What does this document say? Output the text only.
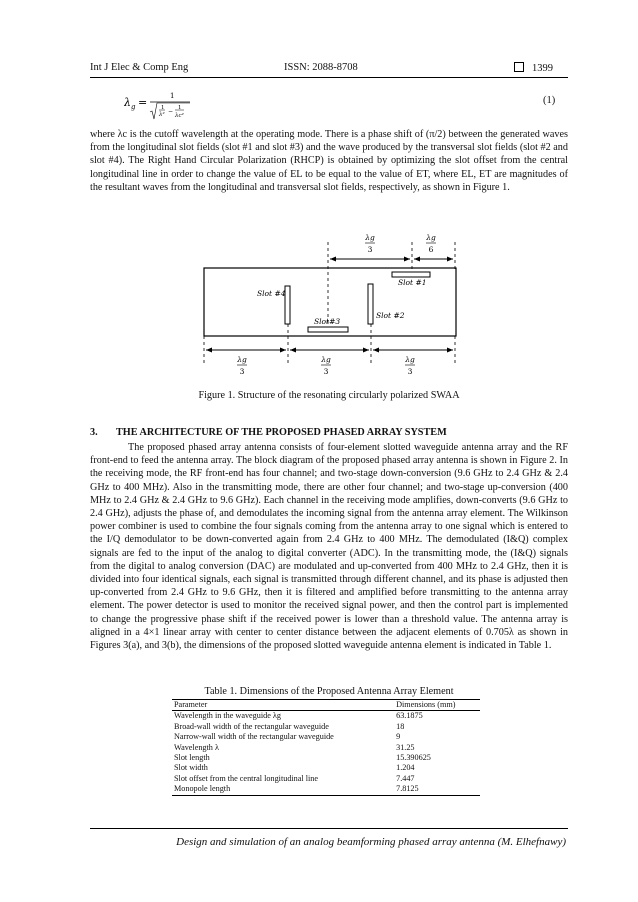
Int J Elec & Comp Eng	ISSN: 2088-8708	1399
λ g =	1
1
λ² − 1
λc²
(1)

where λc is the cutoff wavelength at the operating mode. There is a phase shift of (π/2) between the generated waves from the longitudinal slot fields (slot #1 and slot #3) and the wave produced by the transversal slot fields (slot #2 and slot #4). The Right Hand Circular Polarization (RHCP) is obtained by optimizing the slot offset from the central longitudinal line in order to change the value of EL to be equal to the value of ET, where EL, ET are magnitudes of the resultant waves from the longitudinal and transversal slot fields, respectively, as shown in Figure 1.

Slot #1
Slot #2
Slot#3
Slot #4
λg
3
λg
6
λg
3
λg
3
λg
3
Figure 1. Structure of the resonating circularly polarized SWAA
3. THE ARCHITECTURE OF THE PROPOSED PHASED ARRAY SYSTEM

The proposed phased array antenna consists of four-element slotted waveguide antenna array and the RF front-end to feed the antenna array. The block diagram of the proposed phased array antenna is shown in Figure 2. In the receiving mode, the RF front-end has four channel; and two-stage down-conversion (9.6 GHz to 2.4 GHz & 2.4 GHz to 400 MHz). Also in the transmitting mode, there are other four channel; and two-stage up-conversion (400 MHz to 2.4 GHz & 2.4 GHz to 9.6 GHz). Each channel in the receiving mode amplifies, down-converts (9.6 GHz to 2.4 GHz), adjusts the phase of, and demodulates the incoming signal from the antenna array element. The Wilkinson power combiner is used to combine the four signals coming from the antenna array to one signal which is entered to the I/Q demodulator to be down-converted again from 2.4 GHz to 400 MHz. The demodulated (I&Q) complex signals are fed to the input of the analog to digital converter (ADC). In the transmitting mode, the (I&Q) signals from the digital to analog conversion (DAC) are modulated and up-converted from 400 MHz to 2.4 GHz, then it is divided into four identical signals, each signal is transmitted through different channel, and its phase is adjusted then up-converted from 2.4 GHz to 9.6 GHz, then it is filtered and amplified before transmitting to the antenna array element. The power detector is used to monitor the received signal power, and then the control part is implemented to change the progressive phase shift if the received power is lower than a threshold value. The antenna array is aligned in a 4×1 linear array with center to center distance between the adjacent elements of 0.705λ as shown in Figures 3(a), and 3(b), the dimensions of the proposed slotted waveguide antenna element is indicated in Table 1.

Table 1. Dimensions of the Proposed Antenna Array Element
Parameter	Dimensions (mm)
Wavelength in the waveguide λg	63.1875
Broad-wall width of the rectangular waveguide	18
Narrow-wall width of the rectangular waveguide	9
Wavelength λ	31.25
Slot length	15.390625
Slot width	1.204
Slot offset from the central longitudinal line	7.447
Monopole length	7.8125
Design and simulation of an analog beamforming phased array antenna (M. Elhefnawy)
